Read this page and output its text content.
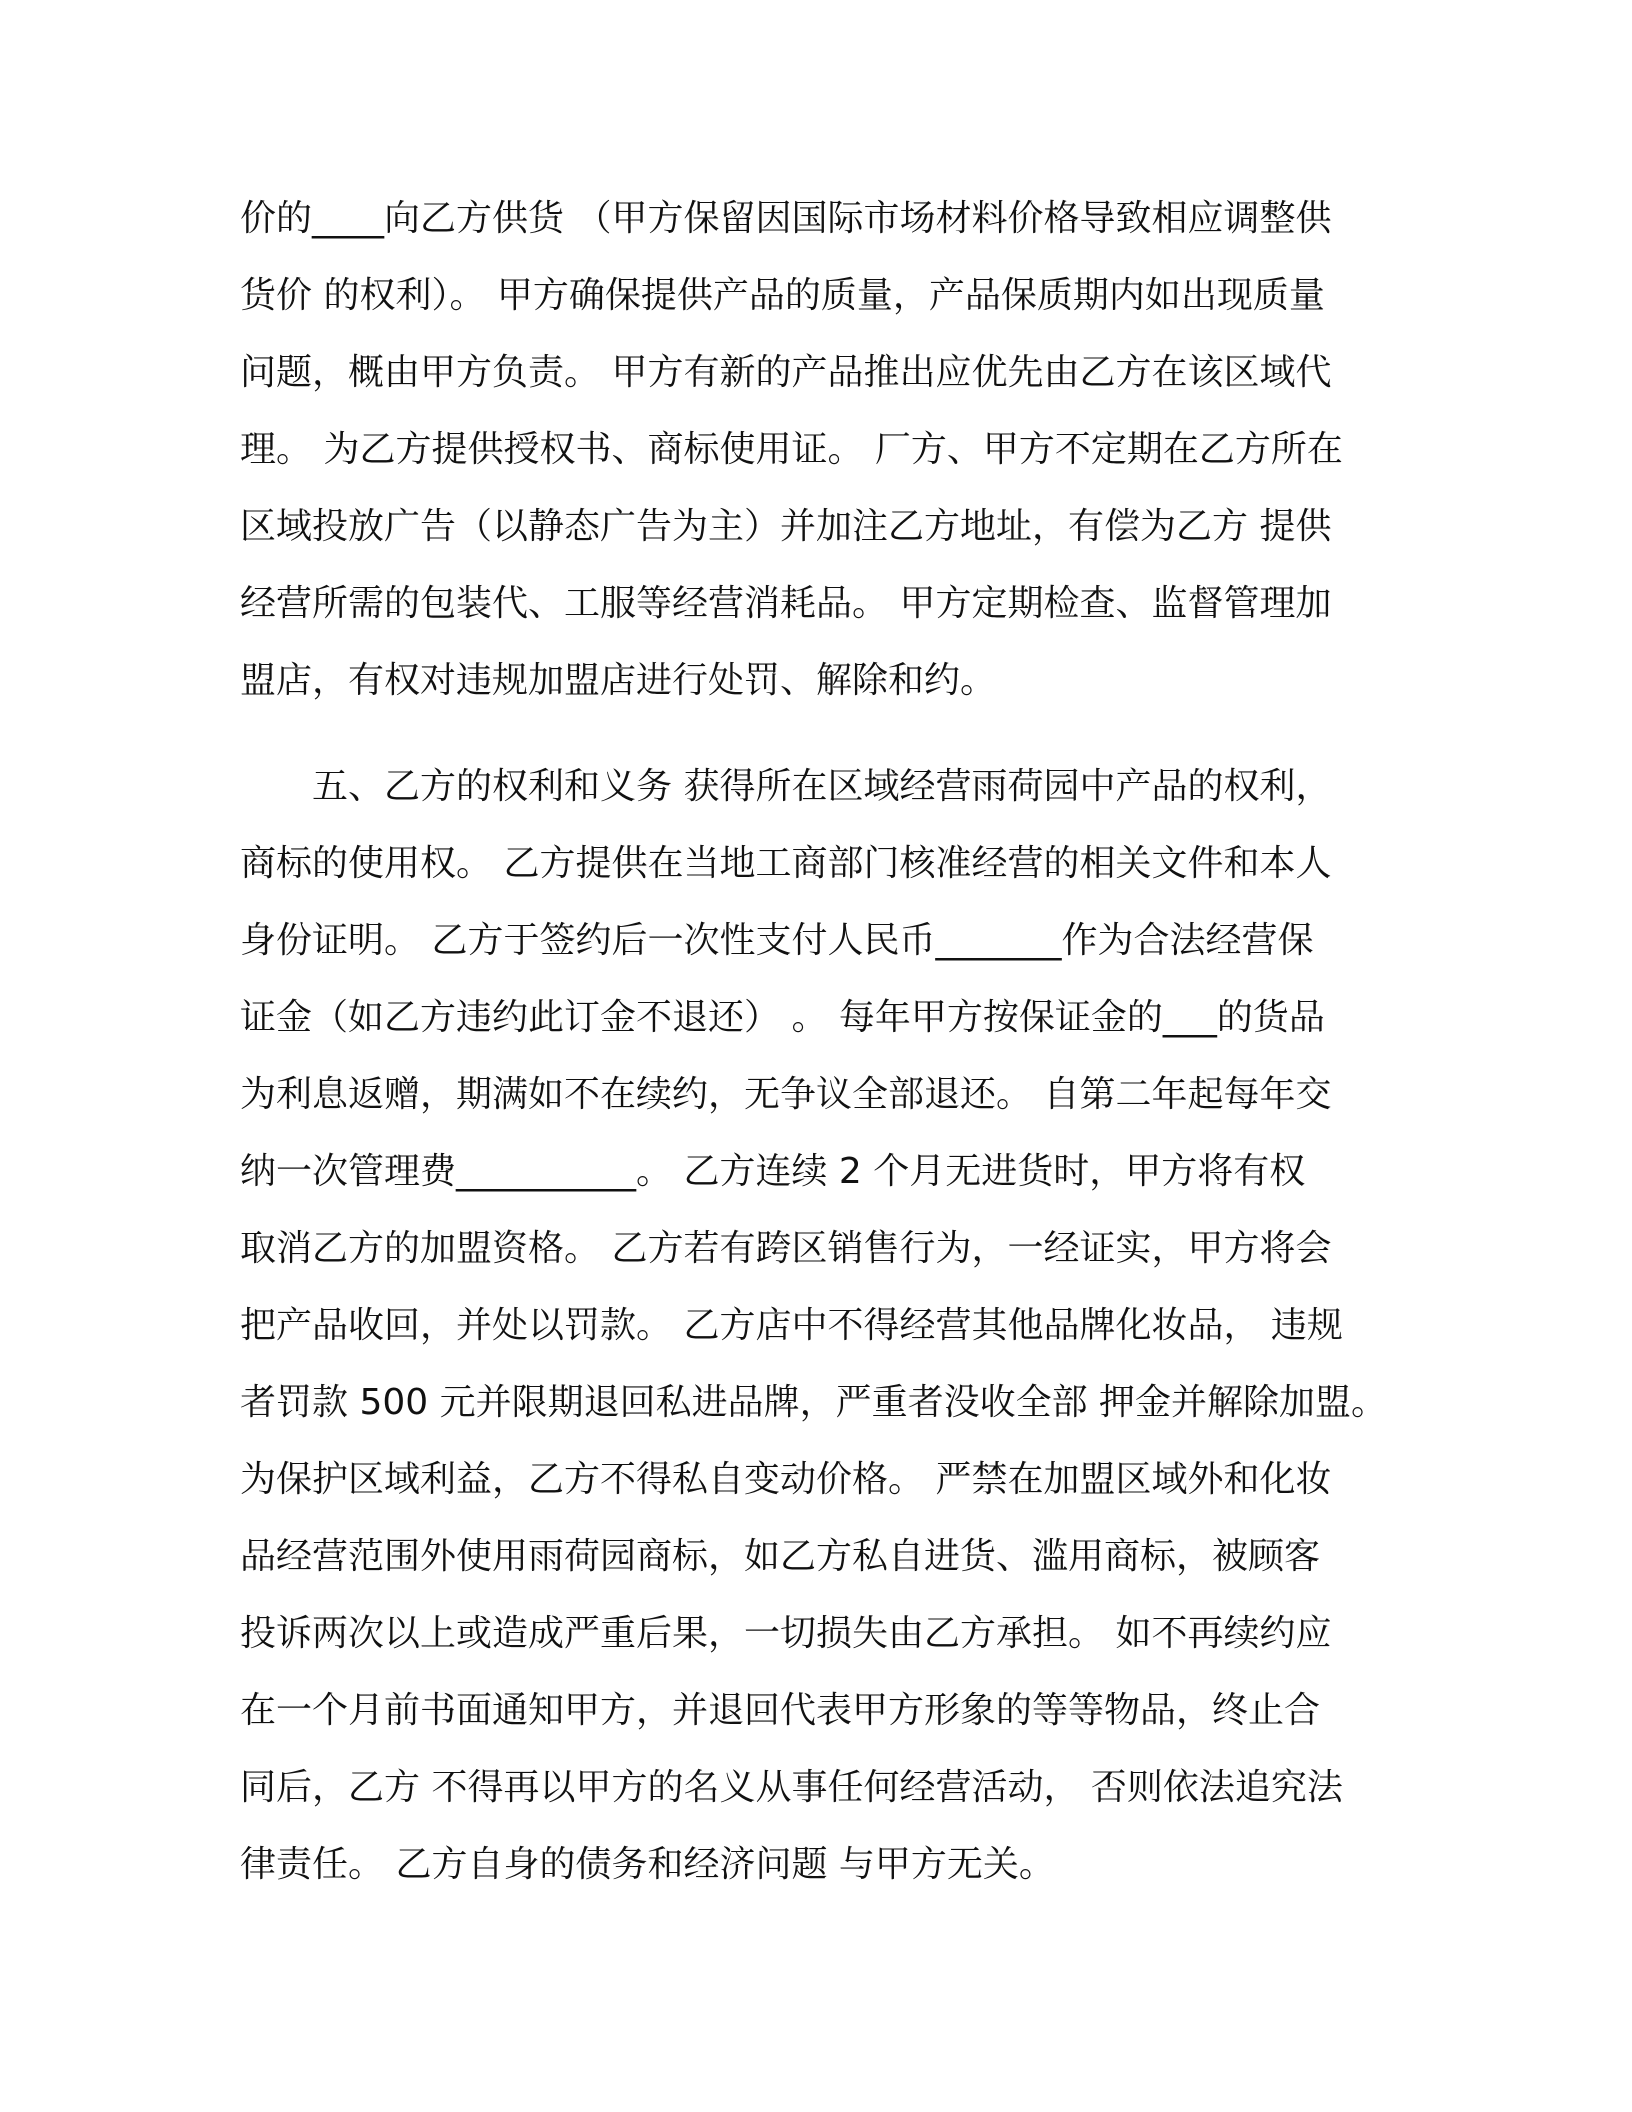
价的____向乙方供货 （甲方保留因国际市场材料价格导致相应调整供
货价 的权利）。 甲方确保提供产品的质量，产品保质期内如出现质量
问题，概由甲方负责。 甲方有新的产品推出应优先由乙方在该区域代
理。 为乙方提供授权书、商标使用证。 厂方、甲方不定期在乙方所在
区域投放广告（以静态广告为主）并加注乙方地址，有偿为乙方 提供
经营所需的包装代、工服等经营消耗品。 甲方定期检查、监督管理加
盟店，有权对违规加盟店进行处罚、解除和约。
　　五、乙方的权利和义务 获得所在区域经营雨荷园中产品的权利，
商标的使用权。 乙方提供在当地工商部门核准经营的相关文件和本人
身份证明。 乙方于签约后一次性支付人民币_______作为合法经营保
证金（如乙方违约此订金不退还） 。 每年甲方按保证金的___的货品
为利息返赠，期满如不在续约，无争议全部退还。 自第二年起每年交
纳一次管理费__________。 乙方连续 2 个月无进货时，甲方将有权
取消乙方的加盟资格。 乙方若有跨区销售行为，一经证实，甲方将会
把产品收回，并处以罚款。 乙方店中不得经营其他品牌化妆品， 违规
者罚款 500 元并限期退回私进品牌，严重者没收全部 押金并解除加盟。
为保护区域利益，乙方不得私自变动价格。 严禁在加盟区域外和化妆
品经营范围外使用雨荷园商标，如乙方私自进货、滥用商标，被顾客
投诉两次以上或造成严重后果，一切损失由乙方承担。 如不再续约应
在一个月前书面通知甲方，并退回代表甲方形象的等等物品，终止合
同后，乙方 不得再以甲方的名义从事任何经营活动， 否则依法追究法
律责任。 乙方自身的债务和经济问题 与甲方无关。
